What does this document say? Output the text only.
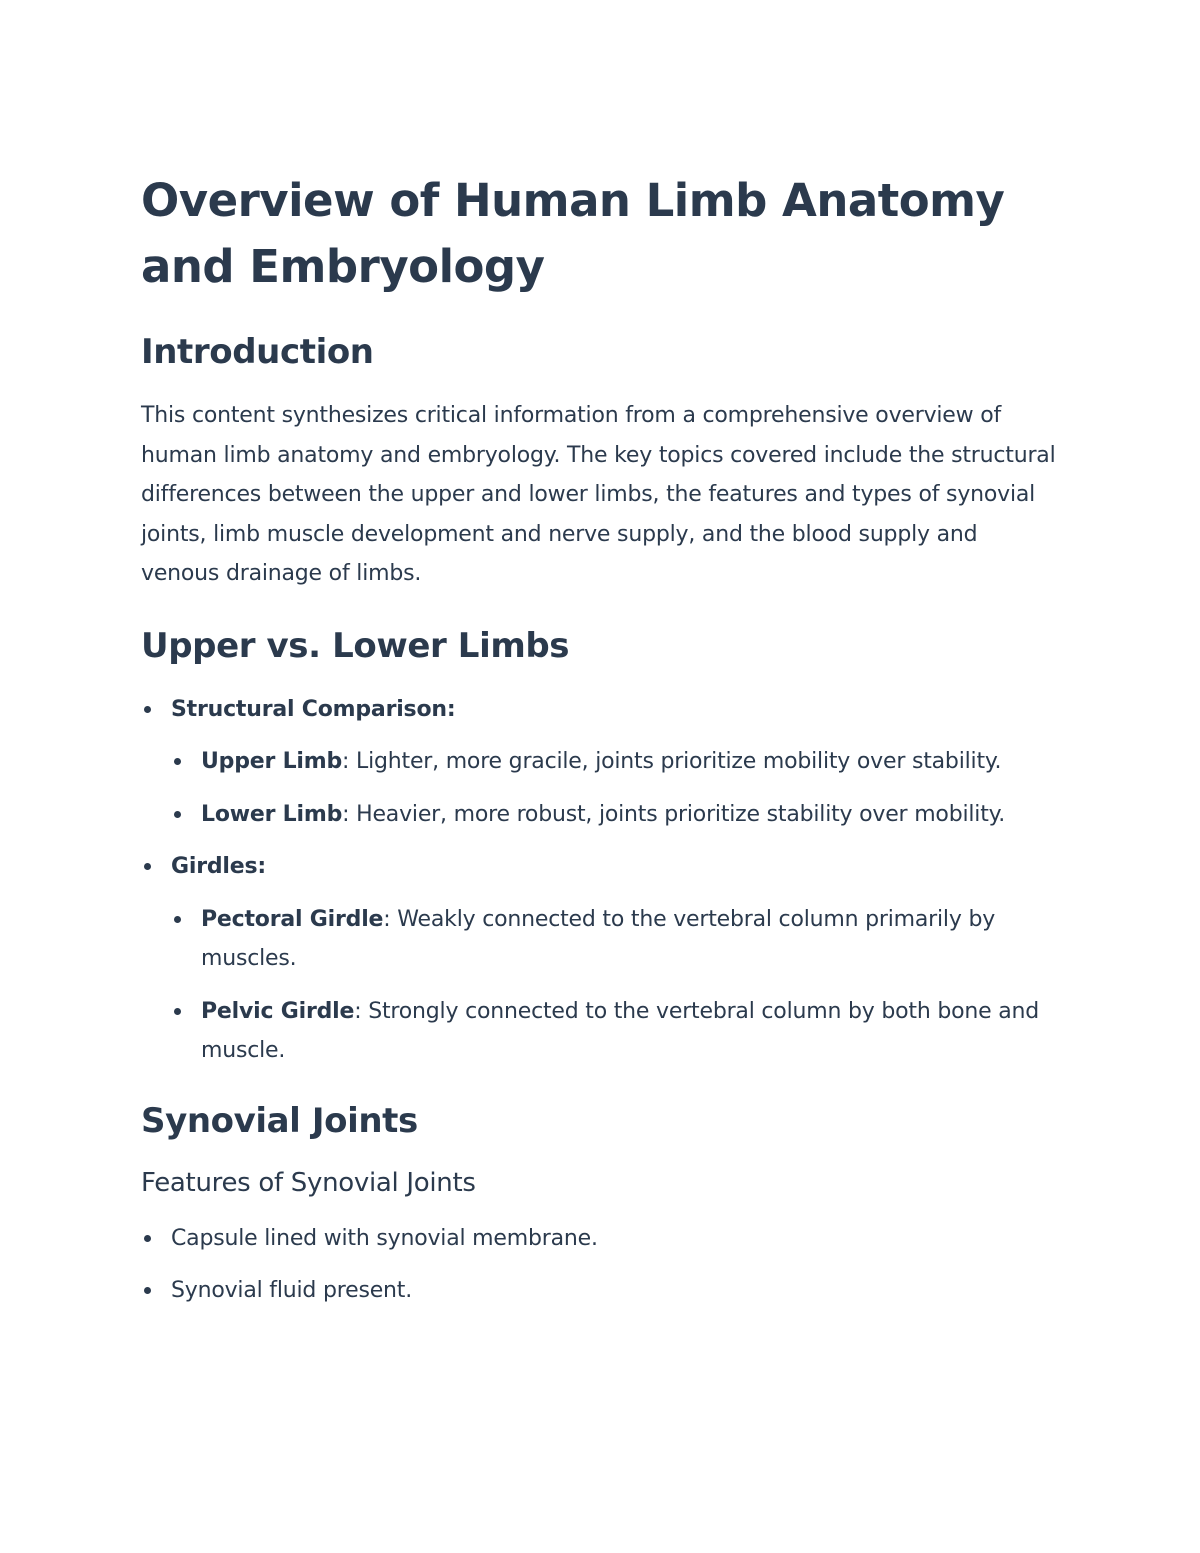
Overview of Human Limb Anatomy and Embryology
Introduction

This content synthesizes critical information from a comprehensive overview of human limb anatomy and embryology. The key topics covered include the structural differences between the upper and lower limbs, the features and types of synovial joints, limb muscle development and nerve supply, and the blood supply and venous drainage of limbs.

Upper vs. Lower Limbs
Structural Comparison:
Upper Limb: Lighter, more gracile, joints prioritize mobility over stability.
Lower Limb: Heavier, more robust, joints prioritize stability over mobility.
Girdles:
Pectoral Girdle: Weakly connected to the vertebral column primarily by muscles.
Pelvic Girdle: Strongly connected to the vertebral column by both bone and muscle.
Synovial Joints
Features of Synovial Joints
Capsule lined with synovial membrane.
Synovial fluid present.
